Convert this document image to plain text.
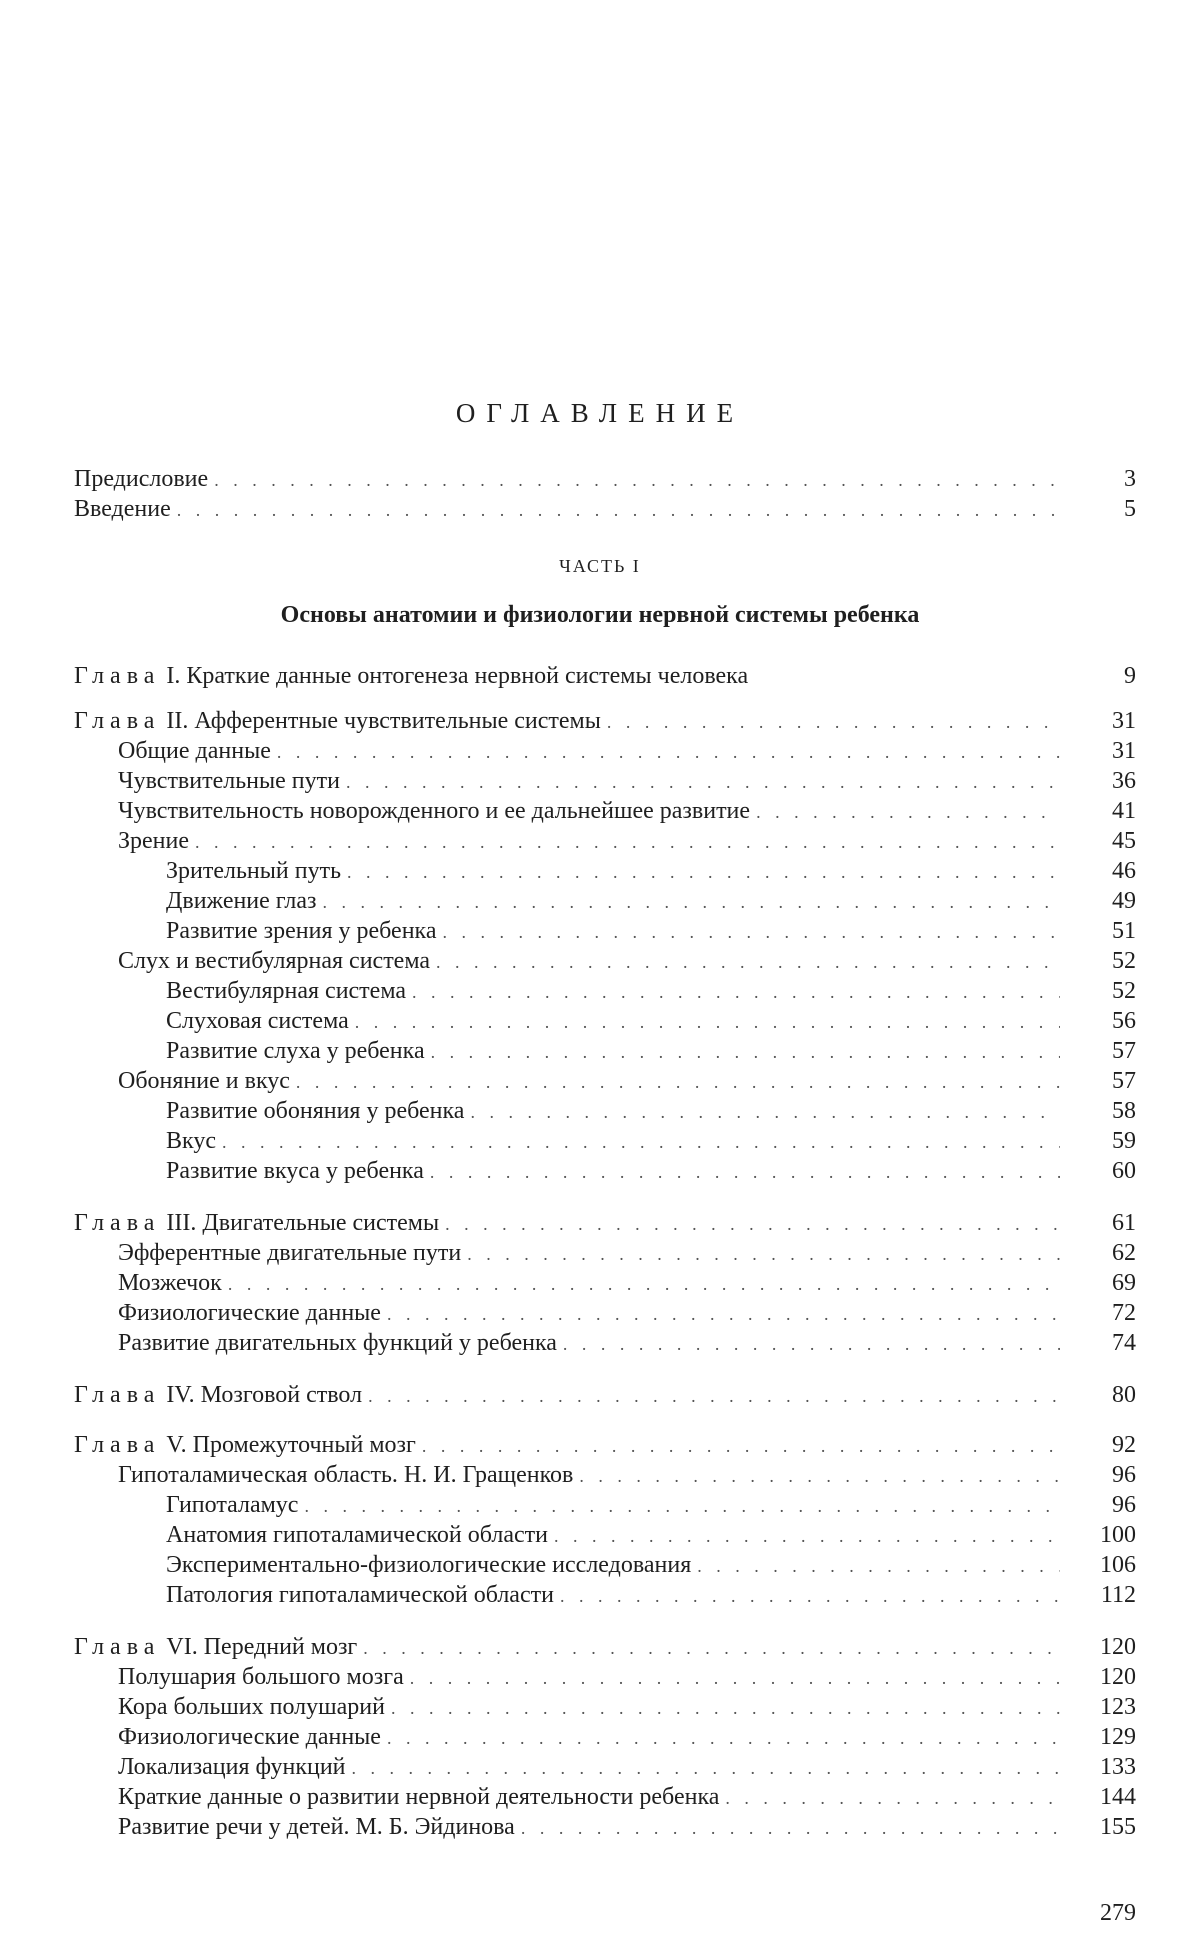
ОГЛАВЛЕНИЕ
Предисловие . . .	3
Введение . . .	5
ЧАСТЬ I
Основы анатомии и физиологии нервной системы ребенка
Глава I. Краткие данные онтогенеза нервной системы человека	9
Глава II. Афферентные чувствительные системы . . .	31
Общие данные . . .	31
Чувствительные пути . . .	36
Чувствительность новорожденного и ее дальнейшее развитие . . .	41
Зрение . . .	45
Зрительный путь . . .	46
Движение глаз . . .	49
Развитие зрения у ребенка . . .	51
Слух и вестибулярная система . . .	52
Вестибулярная система . . .	52
Слуховая система . . .	56
Развитие слуха у ребенка . . .	57
Обоняние и вкус . . .	57
Развитие обоняния у ребенка . . .	58
Вкус . . .	59
Развитие вкуса у ребенка . . .	60
Глава III. Двигательные системы . . .	61
Эфферентные двигательные пути . . .	62
Мозжечок . . .	69
Физиологические данные . . .	72
Развитие двигательных функций у ребенка . . .	74
Глава IV. Мозговой ствол . . .	80
Глава V. Промежуточный мозг . . .	92
Гипоталамическая область. Н. И. Гращенков . . .	96
Гипоталамус . . .	96
Анатомия гипоталамической области . . .	100
Экспериментально-физиологические исследования . . .	106
Патология гипоталамической области . . .	112
Глава VI. Передний мозг . . .	120
Полушария большого мозга . . .	120
Кора больших полушарий . . .	123
Физиологические данные . . .	129
Локализация функций . . .	133
Краткие данные о развитии нервной деятельности ребенка . . .	144
Развитие речи у детей. М. Б. Эйдинова . . .	155
279
